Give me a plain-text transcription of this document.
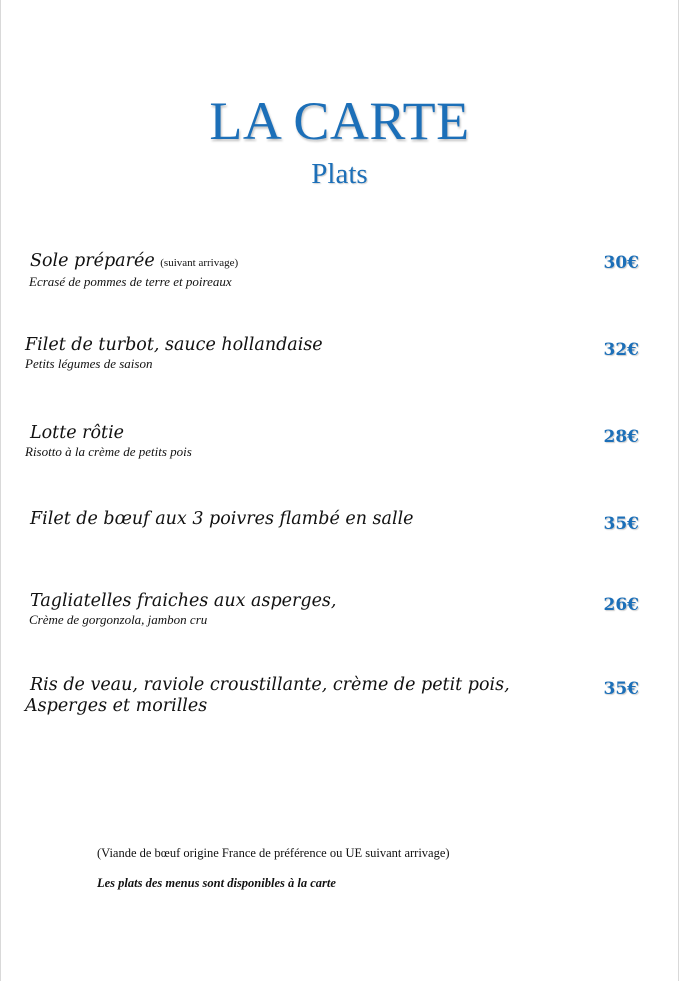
LA CARTE
Plats
Sole préparée (suivant arrivage)
Ecrasé de pommes de terre et poireaux
30€
Filet de turbot, sauce hollandaise
Petits légumes de saison
32€
Lotte rôtie
Risotto à la crème de petits pois
28€
Filet de bœuf aux 3 poivres flambé en salle	35€
Tagliatelles fraiches aux asperges,
Crème de gorgonzola, jambon cru
26€
Ris de veau, raviole croustillante, crème de petit pois,
Asperges et morilles
35€
(Viande de bœuf origine France de préférence ou UE suivant arrivage)
Les plats des menus sont disponibles à la carte
